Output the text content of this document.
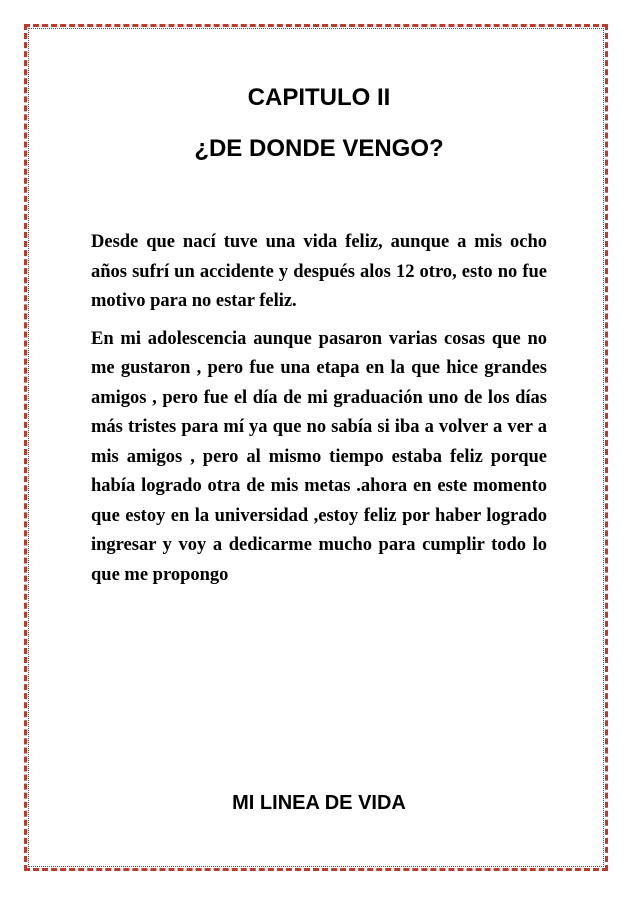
CAPITULO II
¿DE DONDE VENGO?

Desde que nací tuve una vida feliz, aunque a mis ocho años sufrí un accidente y después alos 12 otro, esto no fue motivo para no estar feliz.

En mi adolescencia aunque pasaron varias cosas que no me gustaron , pero fue una etapa en la que hice grandes amigos , pero fue el día de mi graduación uno de los días más tristes para mí ya que no sabía si iba a volver a ver a mis amigos , pero al mismo tiempo estaba feliz porque había logrado otra de mis metas .ahora en este momento que estoy en la universidad ,estoy feliz por haber logrado ingresar y voy a dedicarme mucho para cumplir todo lo que me propongo

MI LINEA DE VIDA
